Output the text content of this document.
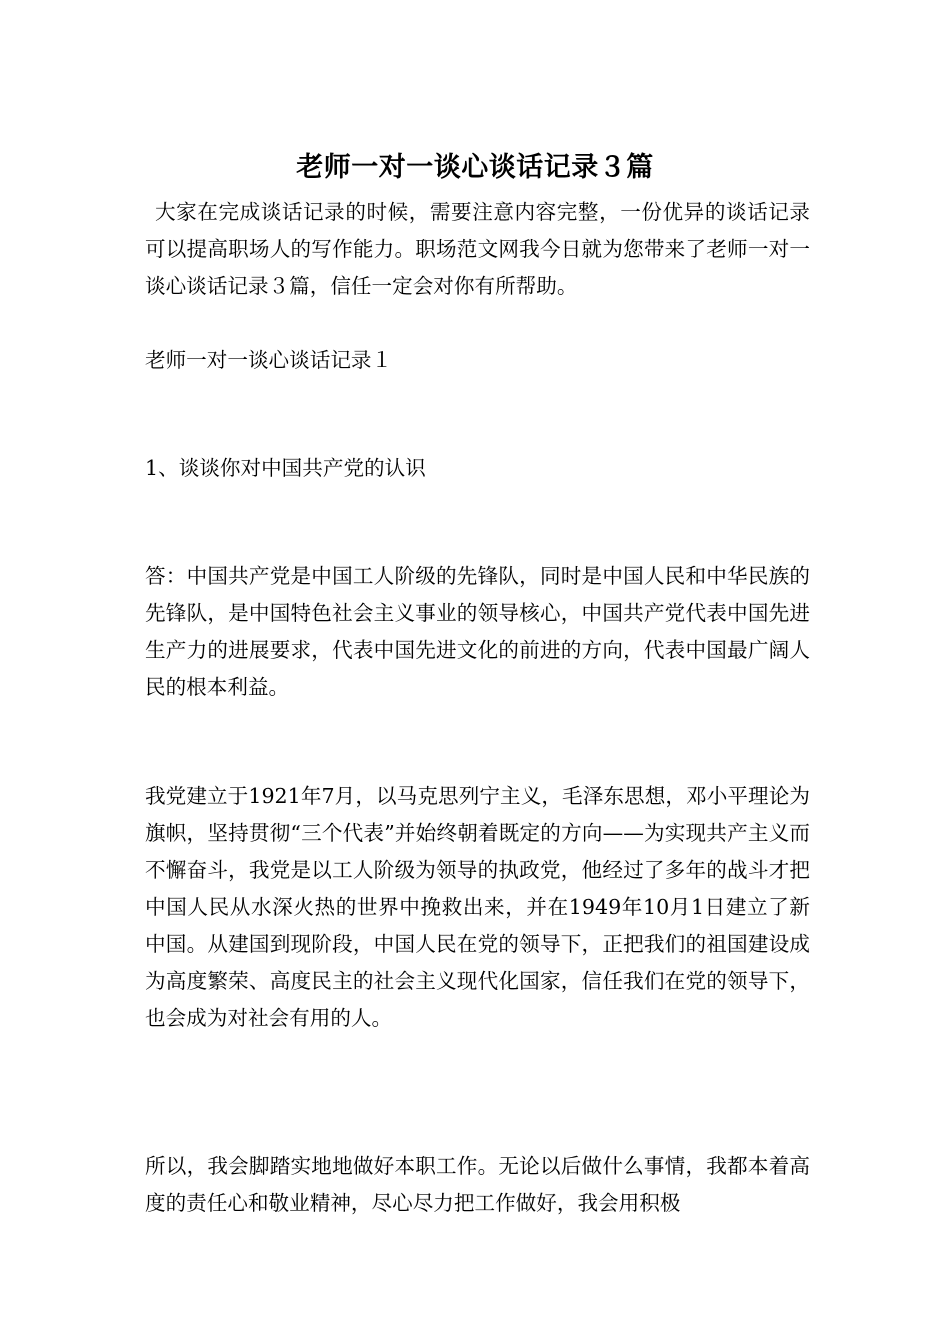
老师一对一谈心谈话记录３篇

大家在完成谈话记录的时候，需要注意内容完整，一份优异的谈话记录可以提高职场人的写作能力。职场范文网我今日就为您带来了老师一对一谈心谈话记录３篇，信任一定会对你有所帮助。

老师一对一谈心谈话记录１

1、谈谈你对中国共产党的认识

答：中国共产党是中国工人阶级的先锋队，同时是中国人民和中华民族的先锋队，是中国特色社会主义事业的领导核心，中国共产党代表中国先进生产力的进展要求，代表中国先进文化的前进的方向，代表中国最广阔人民的根本利益。

我党建立于1921年7月，以马克思列宁主义，毛泽东思想，邓小平理论为旗帜，坚持贯彻“三个代表”并始终朝着既定的方向——为实现共产主义而不懈奋斗，我党是以工人阶级为领导的执政党，他经过了多年的战斗才把中国人民从水深火热的世界中挽救出来，并在1949年10月1日建立了新中国。从建国到现阶段，中国人民在党的领导下，正把我们的祖国建设成为高度繁荣、高度民主的社会主义现代化国家，信任我们在党的领导下，也会成为对社会有用的人。

所以，我会脚踏实地地做好本职工作。无论以后做什么事情，我都本着高度的责任心和敬业精神，尽心尽力把工作做好，我会用积极
